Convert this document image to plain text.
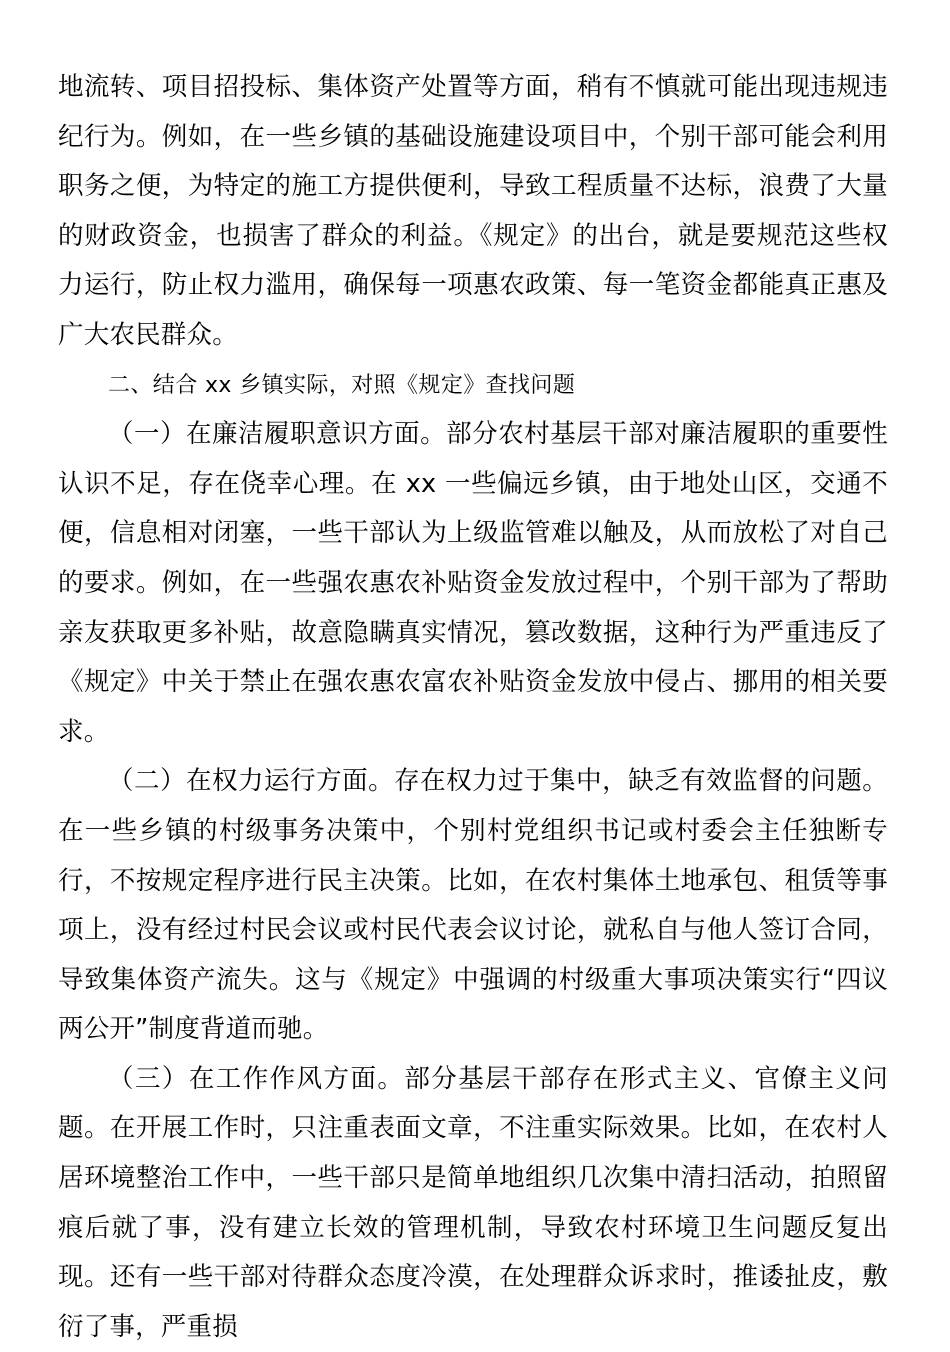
地流转、项目招投标、集体资产处置等方面，稍有不慎就可能出现违规违纪行为。例如，在一些乡镇的基础设施建设项目中，个别干部可能会利用职务之便，为特定的施工方提供便利，导致工程质量不达标，浪费了大量的财政资金，也损害了群众的利益。《规定》的出台，就是要规范这些权力运行，防止权力滥用，确保每一项惠农政策、每一笔资金都能真正惠及广大农民群众。

二、结合 xx 乡镇实际，对照《规定》查找问题

（一）在廉洁履职意识方面。部分农村基层干部对廉洁履职的重要性认识不足，存在侥幸心理。在 xx 一些偏远乡镇，由于地处山区，交通不便，信息相对闭塞，一些干部认为上级监管难以触及，从而放松了对自己的要求。例如，在一些强农惠农补贴资金发放过程中，个别干部为了帮助亲友获取更多补贴，故意隐瞒真实情况，篡改数据，这种行为严重违反了《规定》中关于禁止在强农惠农富农补贴资金发放中侵占、挪用的相关要求。

（二）在权力运行方面。存在权力过于集中，缺乏有效监督的问题。在一些乡镇的村级事务决策中，个别村党组织书记或村委会主任独断专行，不按规定程序进行民主决策。比如，在农村集体土地承包、租赁等事项上，没有经过村民会议或村民代表会议讨论，就私自与他人签订合同，导致集体资产流失。这与《规定》中强调的村级重大事项决策实行“四议两公开”制度背道而驰。

（三）在工作作风方面。部分基层干部存在形式主义、官僚主义问题。在开展工作时，只注重表面文章，不注重实际效果。比如，在农村人居环境整治工作中，一些干部只是简单地组织几次集中清扫活动，拍照留痕后就了事，没有建立长效的管理机制，导致农村环境卫生问题反复出现。还有一些干部对待群众态度冷漠，在处理群众诉求时，推诿扯皮，敷衍了事，严重损
